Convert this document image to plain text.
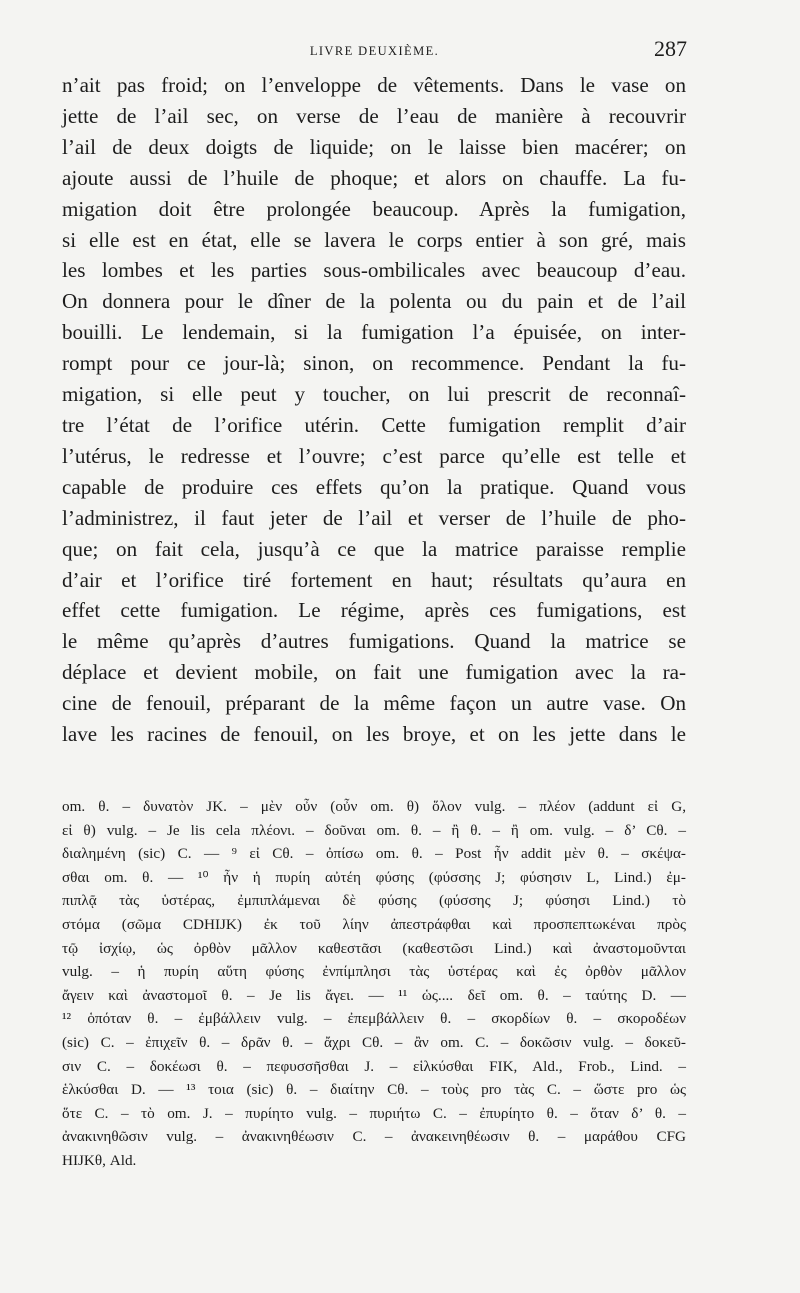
LIVRE DEUXIÈME.	287
n’ait pas froid; on l’enveloppe de vêtements. Dans le vase on
jette de l’ail sec, on verse de l’eau de manière à recouvrir
l’ail de deux doigts de liquide; on le laisse bien macérer; on
ajoute aussi de l’huile de phoque; et alors on chauffe. La fu-
migation doit être prolongée beaucoup. Après la fumigation,
si elle est en état, elle se lavera le corps entier à son gré, mais
les lombes et les parties sous-ombilicales avec beaucoup d’eau.
On donnera pour le dîner de la polenta ou du pain et de l’ail
bouilli. Le lendemain, si la fumigation l’a épuisée, on inter-
rompt pour ce jour-là; sinon, on recommence. Pendant la fu-
migation, si elle peut y toucher, on lui prescrit de reconnaî-
tre l’état de l’orifice utérin. Cette fumigation remplit d’air
l’utérus, le redresse et l’ouvre; c’est parce qu’elle est telle et
capable de produire ces effets qu’on la pratique. Quand vous
l’administrez, il faut jeter de l’ail et verser de l’huile de pho-
que; on fait cela, jusqu’à ce que la matrice paraisse remplie
d’air et l’orifice tiré fortement en haut; résultats qu’aura en
effet cette fumigation. Le régime, après ces fumigations, est
le même qu’après d’autres fumigations. Quand la matrice se
déplace et devient mobile, on fait une fumigation avec la ra-
cine de fenouil, préparant de la même façon un autre vase. On
lave les racines de fenouil, on les broye, et on les jette dans le
om. θ. – δυνατὸν JK. – μὲν οὖν (οὖν om. θ) ὅλον vulg. – πλέον (addunt εἰ G,
εἰ θ) vulg. – Je lis cela πλέονι. – δοῦναι om. θ. – ἢ θ. – ἢ om. vulg. – δ’ Cθ. –
διαλημένη (sic) C. — ⁹ εἰ Cθ. – ὀπίσω om. θ. – Post ἦν addit μὲν θ. – σκέψα-
σθαι om. θ. — ¹⁰ ἦν ἡ πυρίη αὐτέη φύσης (φύσσης J; φύσησιν L, Lind.) ἐμ-
πιπλᾷ τὰς ὑστέρας, ἐμπιπλάμεναι δὲ φύσης (φύσσης J; φύσησι Lind.) τὸ
στόμα (σῶμα CDHIJK) ἐκ τοῦ λίην ἀπεστράφθαι καὶ προσπεπτωκέναι πρὸς
τῷ ἰσχίῳ, ὡς ὀρθὸν μᾶλλον καθεστᾶσι (καθεστῶσι Lind.) καὶ ἀναστομοῦνται
vulg. – ἡ πυρίη αὕτη φύσης ἐνπίμπλησι τὰς ὑστέρας καὶ ἐς ὀρθὸν μᾶλλον
ἄγειν καὶ ἀναστομοῖ θ. – Je lis ἄγει. — ¹¹ ὡς.... δεῖ om. θ. – ταύτης D. —
¹² ὁπόταν θ. – ἐμβάλλειν vulg. – ἐπεμβάλλειν θ. – σκορδίων θ. – σκοροδέων
(sic) C. – ἐπιχεῖν θ. – δρᾶν θ. – ἄχρι Cθ. – ἂν om. C. – δοκῶσιν vulg. – δοκεῦ-
σιν C. – δοκέωσι θ. – πεφυσσῆσθαι J. – εἱλκύσθαι FIK, Ald., Frob., Lind. –
ἑλκύσθαι D. — ¹³ τοια (sic) θ. – διαίτην Cθ. – τοὺς pro τὰς C. – ὥστε pro ὡς
ὅτε C. – τὸ om. J. – πυρίητο vulg. – πυριήτω C. – ἐπυρίητο θ. – ὅταν δ’ θ. –
ἀνακινηθῶσιν vulg. – ἀνακινηθέωσιν C. – ἀνακεινηθέωσιν θ. – μαράθου CFG
HIJKθ, Ald.
